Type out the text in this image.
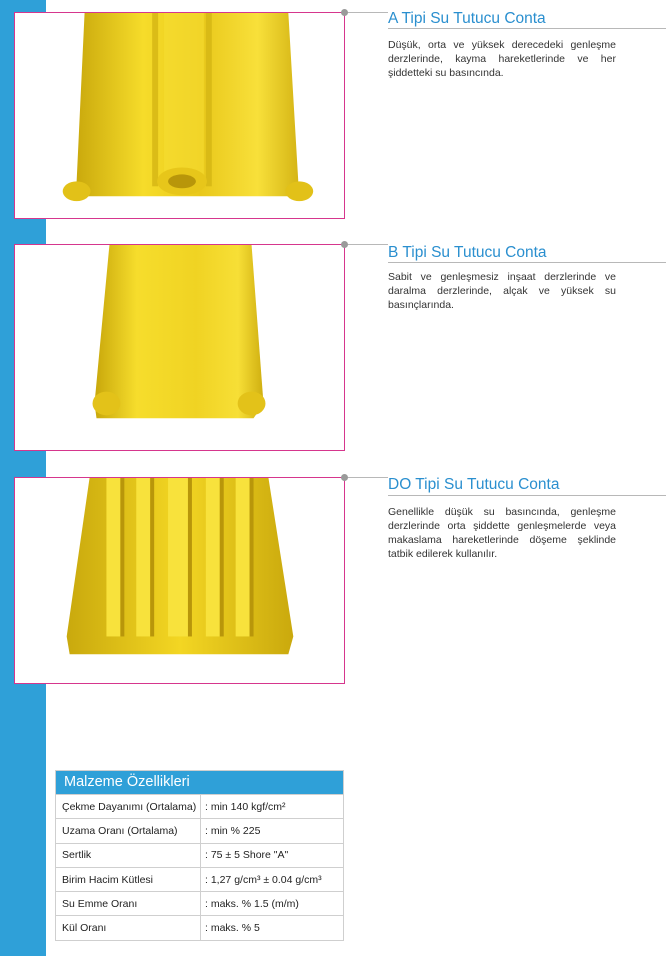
A Tipi Su Tutucu Conta
Düşük, orta ve yüksek derecedeki genleşme derzlerinde, kayma hareketlerinde ve her şiddetteki su basıncında.
B Tipi Su Tutucu Conta
Sabit ve genleşmesiz inşaat derzlerinde ve daralma derzlerinde, alçak ve yüksek su basınçlarında.
DO Tipi Su Tutucu Conta
Genellikle düşük su basıncında, genleşme derzlerinde orta şiddette genleşmelerde veya makaslama hareketlerinde döşeme şeklinde tatbik edilerek kullanılır.
Malzeme Özellikleri
Çekme Dayanımı (Ortalama)	: min 140 kgf/cm²
Uzama Oranı (Ortalama)	: min % 225
Sertlik	: 75 ± 5 Shore "A"
Birim Hacim Kütlesi	: 1,27 g/cm³ ± 0.04 g/cm³
Su Emme Oranı	: maks. % 1.5 (m/m)
Kül Oranı	: maks. % 5
